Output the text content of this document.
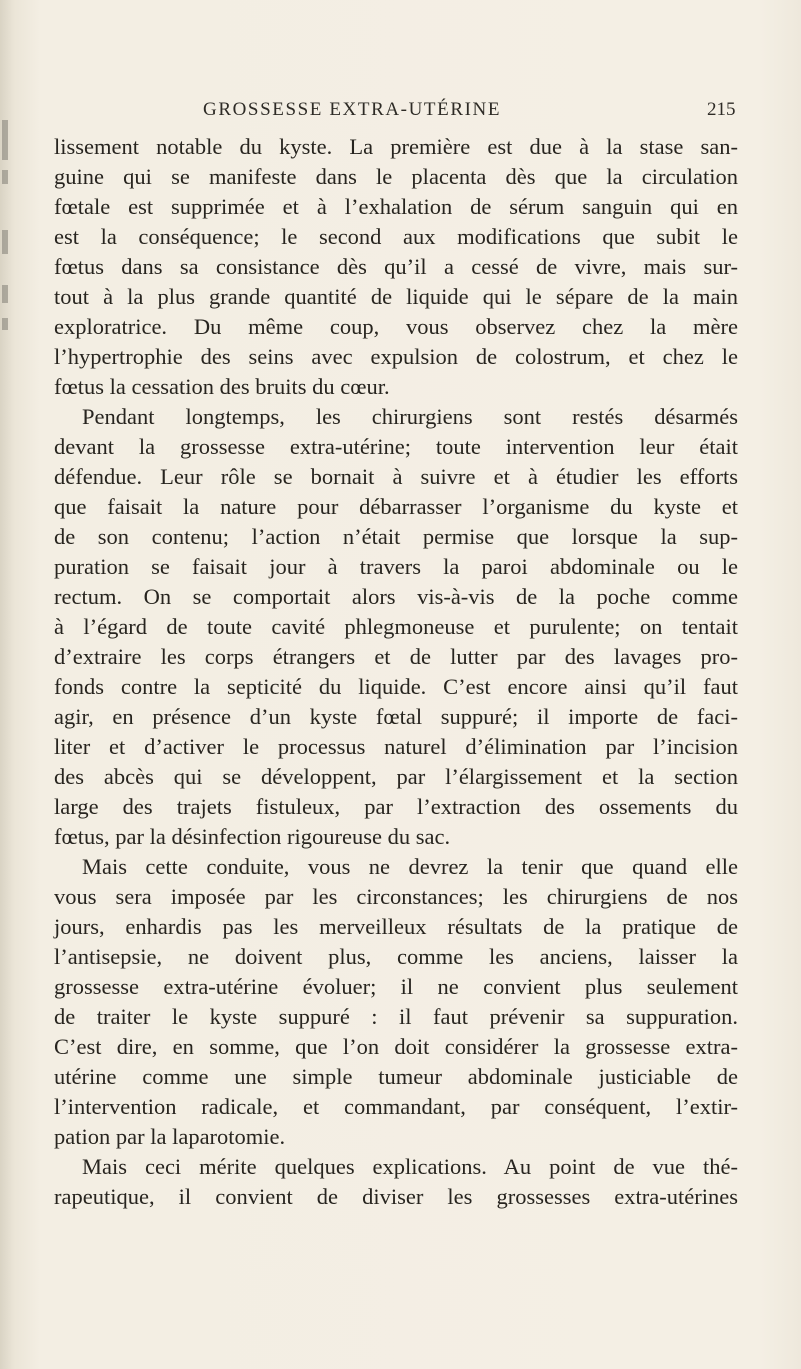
GROSSESSE EXTRA-UTÉRINE	215
lissement notable du kyste. La première est due à la stase san-
guine qui se manifeste dans le placenta dès que la circulation
fœtale est supprimée et à l’exhalation de sérum sanguin qui en
est la conséquence; le second aux modifications que subit le
fœtus dans sa consistance dès qu’il a cessé de vivre, mais sur-
tout à la plus grande quantité de liquide qui le sépare de la main
exploratrice. Du même coup, vous observez chez la mère
l’hypertrophie des seins avec expulsion de colostrum, et chez le
fœtus la cessation des bruits du cœur.
Pendant longtemps, les chirurgiens sont restés désarmés
devant la grossesse extra-utérine; toute intervention leur était
défendue. Leur rôle se bornait à suivre et à étudier les efforts
que faisait la nature pour débarrasser l’organisme du kyste et
de son contenu; l’action n’était permise que lorsque la sup-
puration se faisait jour à travers la paroi abdominale ou le
rectum. On se comportait alors vis-à-vis de la poche comme
à l’égard de toute cavité phlegmoneuse et purulente; on tentait
d’extraire les corps étrangers et de lutter par des lavages pro-
fonds contre la septicité du liquide. C’est encore ainsi qu’il faut
agir, en présence d’un kyste fœtal suppuré; il importe de faci-
liter et d’activer le processus naturel d’élimination par l’incision
des abcès qui se développent, par l’élargissement et la section
large des trajets fistuleux, par l’extraction des ossements du
fœtus, par la désinfection rigoureuse du sac.
Mais cette conduite, vous ne devrez la tenir que quand elle
vous sera imposée par les circonstances; les chirurgiens de nos
jours, enhardis pas les merveilleux résultats de la pratique de
l’antisepsie, ne doivent plus, comme les anciens, laisser la
grossesse extra-utérine évoluer; il ne convient plus seulement
de traiter le kyste suppuré : il faut prévenir sa suppuration.
C’est dire, en somme, que l’on doit considérer la grossesse extra-
utérine comme une simple tumeur abdominale justiciable de
l’intervention radicale, et commandant, par conséquent, l’extir-
pation par la laparotomie.
Mais ceci mérite quelques explications. Au point de vue thé-
rapeutique, il convient de diviser les grossesses extra-utérines
